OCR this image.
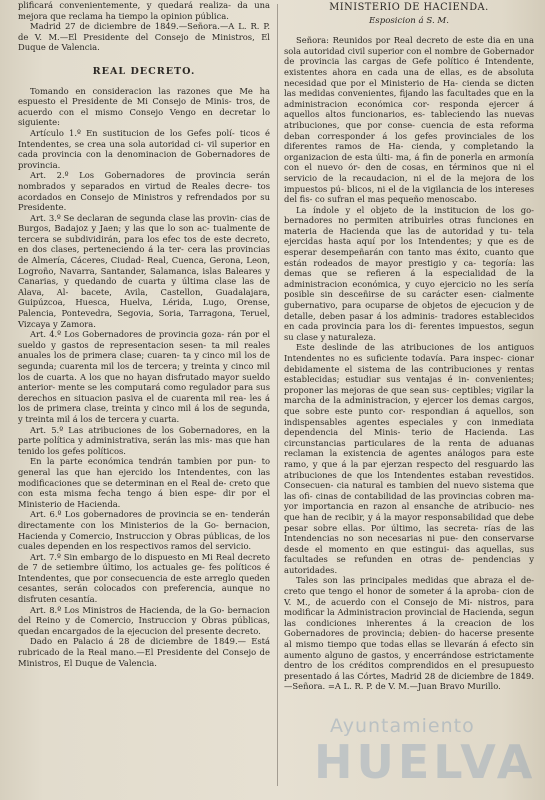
plificará convenientemente, y quedará realiza- da una mejora que reclama ha tiempo la opinion pública.

Madrid 27 de diciembre de 1849.—Señora.—A L. R. P. de V. M.—El Presidente del Consejo de Ministros, El Duque de Valencia.

REAL DECRETO.

Tomando en consideracion las razones que Me ha espuesto el Presidente de Mi Consejo de Minis- tros, de acuerdo con el mismo Consejo Vengo en decretar lo siguiente:

Artículo 1.º En sustitucion de los Gefes polí- ticos é Intendentes, se crea una sola autoridad ci- vil superior en cada provincia con la denominacion de Gobernadores de provincia.

Art. 2.º Los Gobernadores de provincia serán nombrados y separados en virtud de Reales decre- tos acordados en Consejo de Ministros y refrendados por su Presidente.

Art. 3.º Se declaran de segunda clase las provin- cias de Burgos, Badajoz y Jaen; y las que lo son ac- tualmente de tercera se subdividirán, para los efec tos de este decreto, en dos clases, perteneciendo á la ter- cera las provincias de Almería, Cáceres, Ciudad- Real, Cuenca, Gerona, Leon, Logroño, Navarra, Santander, Salamanca, islas Baleares y Canarias, y quedando de cuarta y última clase las de Alava, Al- bacete, Avila, Castellon, Guadalajara, Guipúzcoa, Huesca, Huelva, Lérida, Lugo, Orense, Palencia, Pontevedra, Segovia, Soria, Tarragona, Teruel, Vizcaya y Zamora.

Art. 4.º Los Gobernadores de provincia goza- rán por el sueldo y gastos de representacion sesen- ta mil reales anuales los de primera clase; cuaren- ta y cinco mil los de segunda; cuarenta mil los de tercera; y treinta y cinco mil los de cuarta. A los que no hayan disfrutado mayor sueldo anterior- mente se les computará como regulador para sus derechos en situacion pasiva el de cuarenta mil rea- les á los de primera clase, treinta y cinco mil á los de segunda, y treinta mil á los de tercera y cuarta.

Art. 5.º Las atribuciones de los Gobernadores, en la parte política y administrativa, serán las mis- mas que han tenido los gefes políticos.

En la parte económica tendrán tambien por pun- to general las que han ejercido los Intendentes, con las modificaciones que se determinan en el Real de- creto que con esta misma fecha tengo á bien espe- dir por el Ministerio de Hacienda.

Art. 6.º Los gobernadores de provincia se en- tenderán directamente con los Ministerios de la Go- bernacion, Hacienda y Comercio, Instruccion y Obras públicas, de los cuales dependen en los respectivos ramos del servicio.

Art. 7.º Sin embargo de lo dispuesto en Mi Real decreto de 7 de setiembre último, los actuales ge- fes políticos é Intendentes, que por consecuencia de este arreglo queden cesantes, serán colocados con preferencia, aunque no disfruten cesantía.

Art. 8.º Los Ministros de Hacienda, de la Go- bernacion del Reino y de Comercio, Instruccion y Obras públicas, quedan encargados de la ejecucion del presente decreto.

Dado en Palacio á 28 de diciembre de 1849.— Está rubricado de la Real mano.—El Presidente del Consejo de Ministros, El Duque de Valencia.

MINISTERIO DE HACIENDA.
Esposicion á S. M.

Señora: Reunidos por Real decreto de este dia en una sola autoridad civil superior con el nombre de Gobernador de provincia las cargas de Gefe político é Intendente, existentes ahora en cada una de ellas, es de absoluta necesidad que por el Ministerio de Ha- cienda se dicten las medidas convenientes, fijando las facultades que en la administracion económica cor- responda ejercer á aquellos altos funcionarios, es- tableciendo las nuevas atribuciones, que por conse- cuencia de esta reforma deban corresponder á los gefes provinciales de los diferentes ramos de Ha- cienda, y completando la organizacion de esta últi- ma, á fin de ponerla en armonía con el nuevo ór- den de cosas, en términos que ni el servicio de la recaudacion, ni el de la mejora de los impuestos pú- blicos, ni el de la vigilancia de los intereses del fis- co sufran el mas pequeño menoscabo.

La índole y el objeto de la institucion de los go- bernadores no permiten atribuirles otras funciones en materia de Hacienda que las de autoridad y tu- tela ejercidas hasta aquí por los Intendentes; y que es de esperar desempeñarán con tanto mas éxito, cuanto que están rodeados de mayor prestigio y ca- tegoría: las demas que se refieren á la especialidad de la administracion económica, y cuyo ejercicio no les sería posible sin desceñirse de su carácter esen- cialmente gubernativo, para ocuparse de objetos de ejecucion y de detalle, deben pasar á los adminis- tradores establecidos en cada provincia para los di- ferentes impuestos, segun su clase y naturaleza.

Este deslinde de las atribuciones de los antiguos Intendentes no es suficiente todavía. Para inspec- cionar debidamente el sistema de las contribuciones y rentas establecidas; estudiar sus ventajas é in- convenientes; proponer las mejoras de que sean sus- ceptibles; vigilar la marcha de la administracion, y ejercer los demas cargos, que sobre este punto cor- respondian á aquellos, son indispensables agentes especiales y con inmediata dependencia del Minis- terio de Hacienda. Las circunstancias particulares de la renta de aduanas reclaman la existencia de agentes análogos para este ramo, y que á la par ejerzan respecto del resguardo las atribuciones de que los Intendentes estaban revestidos. Consecuen- cia natural es tambien del nuevo sistema que las ofi- cinas de contabilidad de las provincias cobren ma- yor importancia en razon al ensanche de atribucio- nes que han de recibir, y á la mayor responsabilidad que debe pesar sobre ellas. Por último, las secreta- rías de las Intendencias no son necesarias ni pue- den conservarse desde el momento en que estingui- das aquellas, sus facultades se refunden en otras de- pendencias y autoridades.

Tales son las principales medidas que abraza el de- creto que tengo el honor de someter á la aproba- cion de V. M., de acuerdo con el Consejo de Mi- nistros, para modificar la Administracion provincial de Hacienda, segun las condiciones inherentes á la creacion de los Gobernadores de provincia; debien- do hacerse presente al mismo tiempo que todas ellas se llevarán á efecto sin aumento alguno de gastos, y encerrándose estrictamente dentro de los créditos comprendidos en el presupuesto presentado á las Córtes, Madrid 28 de diciembre de 1849.—Señora. =A L. R. P. de V. M.—Juan Bravo Murillo.

Ayuntamiento
HUELVA
